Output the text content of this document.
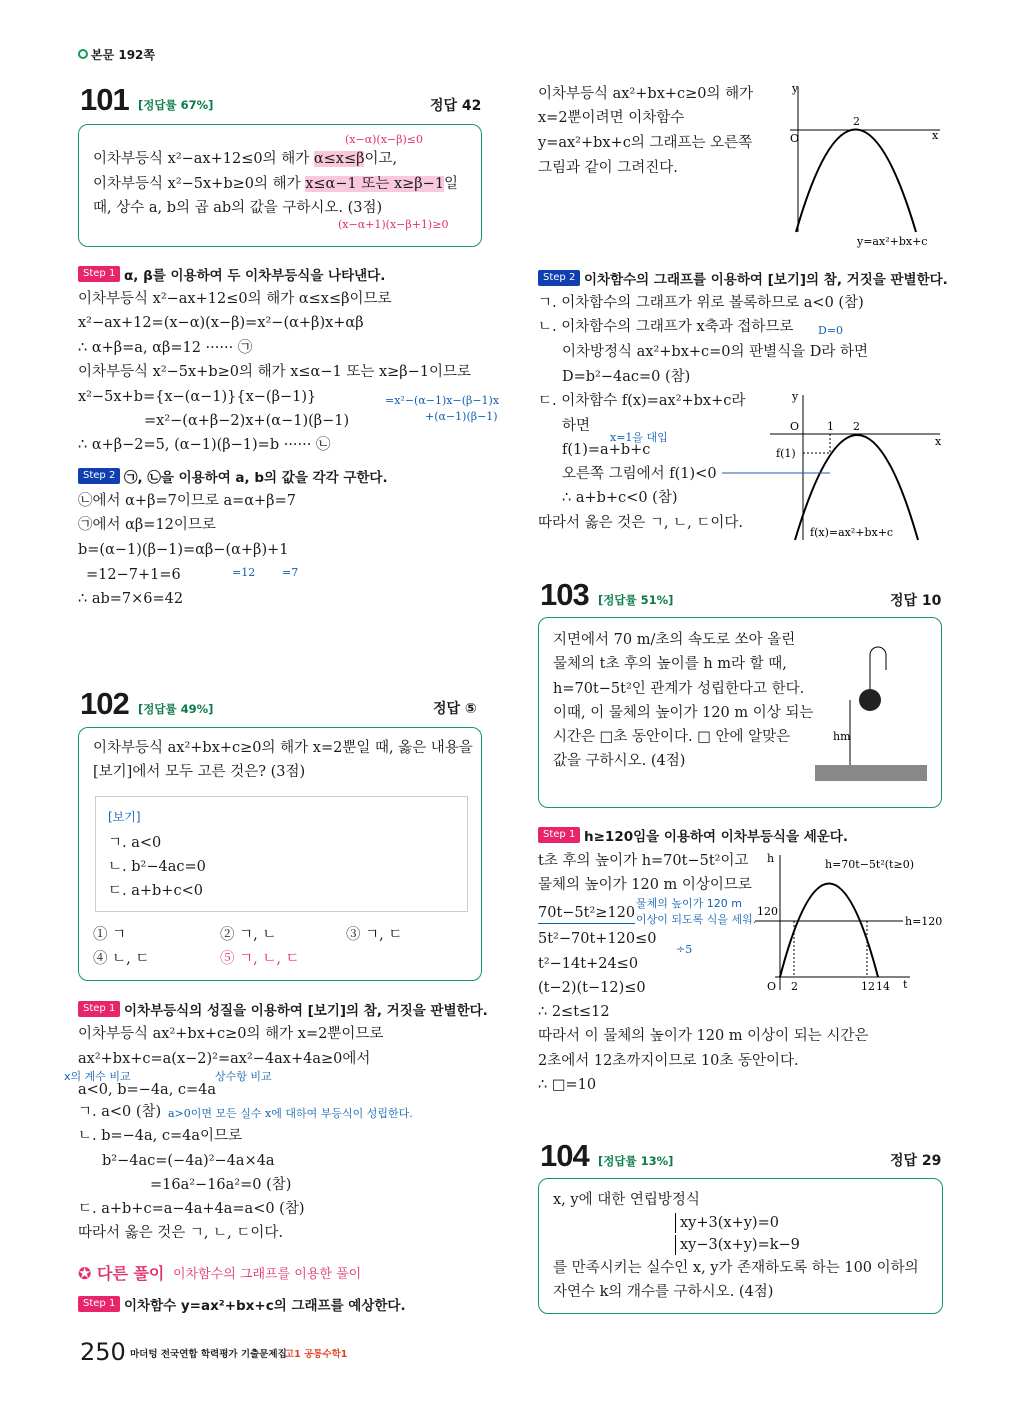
본문 192쪽
101 [정답률 67%]	정답 42
(x−α)(x−β)≤0
이차부등식 x²−ax+12≤0의 해가 α≤x≤β이고,
이차부등식 x²−5x+b≥0의 해가 x≤α−1 또는 x≥β−1일
때, 상수 a, b의 곱 ab의 값을 구하시오. (3점)
(x−α+1)(x−β+1)≥0
Step 1 α, β를 이용하여 두 이차부등식을 나타낸다.
이차부등식 x²−ax+12≤0의 해가 α≤x≤β이므로
x²−ax+12=(x−α)(x−β)=x²−(α+β)x+αβ
∴ α+β=a, αβ=12 ······ ㉠
이차부등식 x²−5x+b≥0의 해가 x≤α−1 또는 x≥β−1이므로
x²−5x+b={x−(α−1)}{x−(β−1)}
=x²−(α+β−2)x+(α−1)(β−1)
∴ α+β−2=5, (α−1)(β−1)=b ······ ㉡
=x²−(α−1)x−(β−1)x
+(α−1)(β−1)
Step 2 ㉠, ㉡을 이용하여 a, b의 값을 각각 구한다.
㉡에서 α+β=7이므로 a=α+β=7
㉠에서 αβ=12이므로
b=(α−1)(β−1)=αβ−(α+β)+1
=12−7+1=6	=12 =7
∴ ab=7×6=42
102 [정답률 49%]	정답 ⑤
이차부등식 ax²+bx+c≥0의 해가 x=2뿐일 때, 옳은 내용을
[보기]에서 모두 고른 것은? (3점)
[보기]
ㄱ. a<0
ㄴ. b²−4ac=0
ㄷ. a+b+c<0
① ㄱ	② ㄱ, ㄴ	③ ㄱ, ㄷ
④ ㄴ, ㄷ	⑤ ㄱ, ㄴ, ㄷ
Step 1 이차부등식의 성질을 이용하여 [보기]의 참, 거짓을 판별한다.
이차부등식 ax²+bx+c≥0의 해가 x=2뿐이므로
ax²+bx+c=a(x−2)²=ax²−4ax+4a≥0에서
x의 계수 비교	상수항 비교
a<0, b=−4a, c=4a
ㄱ. a<0 (참) a>0이면 모든 실수 x에 대하여 부등식이 성립한다.
ㄴ. b=−4a, c=4a이므로
b²−4ac=(−4a)²−4a×4a
=16a²−16a²=0 (참)
ㄷ. a+b+c=a−4a+4a=a<0 (참)
따라서 옳은 것은 ㄱ, ㄴ, ㄷ이다.
✪ 다른 풀이 이차함수의 그래프를 이용한 풀이
Step 1 이차함수 y=ax²+bx+c의 그래프를 예상한다.
이차부등식 ax²+bx+c≥0의 해가
x=2뿐이려면 이차함수
y=ax²+bx+c의 그래프는 오른쪽
그림과 같이 그려진다.
y
x
O
2
y=ax²+bx+c
Step 2 이차함수의 그래프를 이용하여 [보기]의 참, 거짓을 판별한다.
ㄱ. 이차함수의 그래프가 위로 볼록하므로 a<0 (참)
ㄴ. 이차함수의 그래프가 x축과 접하므로 D=0
이차방정식 ax²+bx+c=0의 판별식을 D라 하면
D=b²−4ac=0 (참)
ㄷ. 이차함수 f(x)=ax²+bx+c라
하면
x=1을 대입
f(1)=a+b+c
오른쪽 그림에서 f(1)<0
∴ a+b+c<0 (참)
따라서 옳은 것은 ㄱ, ㄴ, ㄷ이다.
y
x
O	1 2
f(1)
f(x)=ax²+bx+c
103 [정답률 51%]	정답 10
지면에서 70 m/초의 속도로 쏘아 올린
물체의 t초 후의 높이를 h m라 할 때,
h=70t−5t²인 관계가 성립한다고 한다.
이때, 이 물체의 높이가 120 m 이상 되는
시간은 □초 동안이다. □ 안에 알맞은
값을 구하시오. (4점)
hm
Step 1 h≥120임을 이용하여 이차부등식을 세운다.
t초 후의 높이가 h=70t−5t²이고
물체의 높이가 120 m 이상이므로
70t−5t²≥120
물체의 높이가 120 m
이상이 되도록 식을 세워.
5t²−70t+120≤0
÷5
t²−14t+24≤0
(t−2)(t−12)≤0
∴ 2≤t≤12
따라서 이 물체의 높이가 120 m 이상이 되는 시간은
2초에서 12초까지이므로 10초 동안이다.
∴ □=10
h
t
O
h=70t−5t²(t≥0)
h=120
120
2	12 14
104 [정답률 13%]	정답 29
x, y에 대한 연립방정식
xy+3(x+y)=0
xy−3(x+y)=k−9
를 만족시키는 실수인 x, y가 존재하도록 하는 100 이하의
자연수 k의 개수를 구하시오. (4점)
250 마더텅 전국연합 학력평가 기출문제집
고1 공통수학1
